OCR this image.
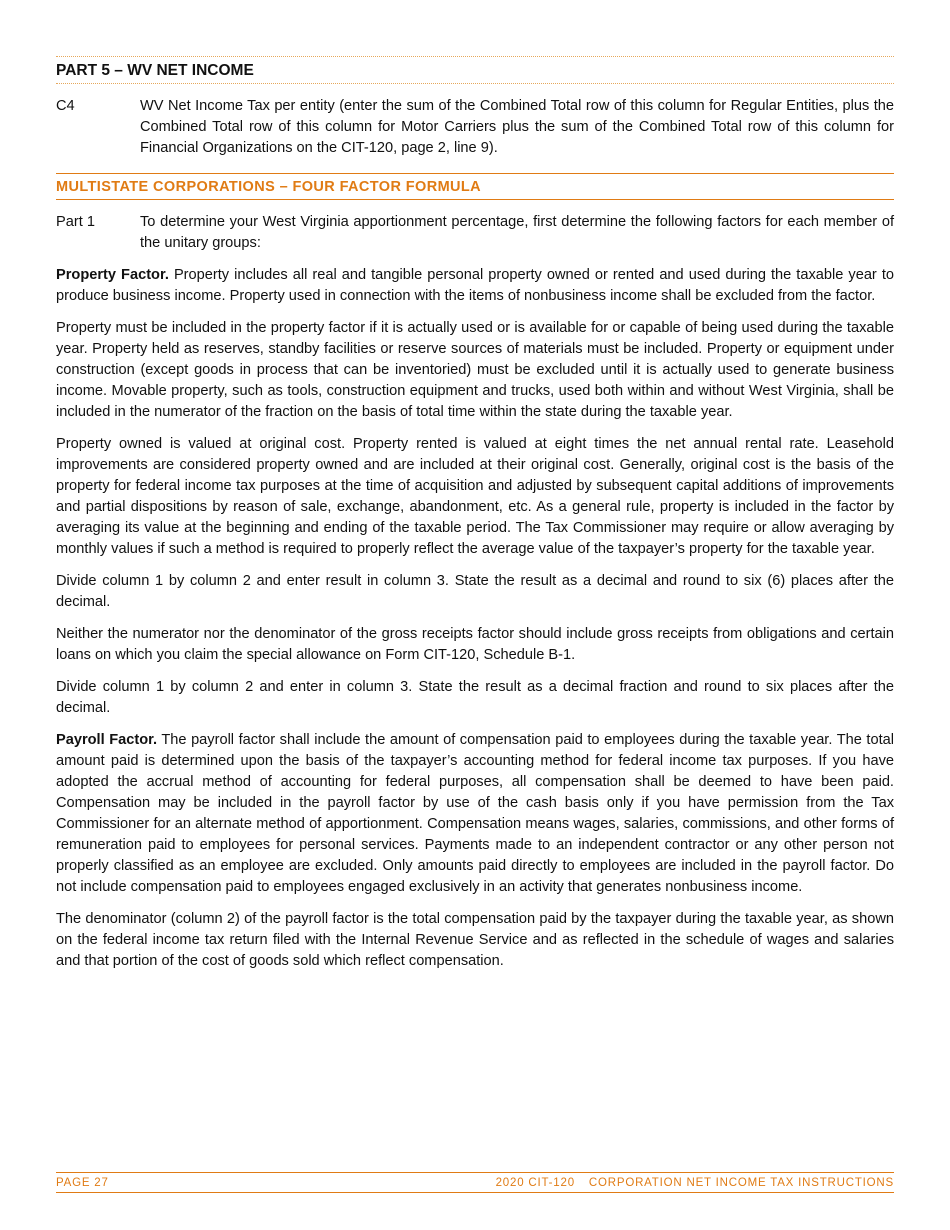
PART 5 – WV NET INCOME
C4	WV Net Income Tax per entity (enter the sum of the Combined Total row of this column for Regular Entities, plus the Combined Total row of this column for Motor Carriers plus the sum of the Combined Total row of this column for Financial Organizations on the CIT-120, page 2, line 9).
MULTISTATE CORPORATIONS – FOUR FACTOR FORMULA
Part 1	To determine your West Virginia apportionment percentage, first determine the following factors for each member of the unitary groups:

Property Factor. Property includes all real and tangible personal property owned or rented and used during the taxable year to produce business income. Property used in connection with the items of nonbusiness income shall be excluded from the factor.

Property must be included in the property factor if it is actually used or is available for or capable of being used during the taxable year. Property held as reserves, standby facilities or reserve sources of materials must be included. Property or equipment under construction (except goods in process that can be inventoried) must be excluded until it is actually used to generate business income. Movable property, such as tools, construction equipment and trucks, used both within and without West Virginia, shall be included in the numerator of the fraction on the basis of total time within the state during the taxable year.

Property owned is valued at original cost. Property rented is valued at eight times the net annual rental rate. Leasehold improvements are considered property owned and are included at their original cost. Generally, original cost is the basis of the property for federal income tax purposes at the time of acquisition and adjusted by subsequent capital additions of improvements and partial dispositions by reason of sale, exchange, abandonment, etc. As a general rule, property is included in the factor by averaging its value at the beginning and ending of the taxable period. The Tax Commissioner may require or allow averaging by monthly values if such a method is required to properly reflect the average value of the taxpayer’s property for the taxable year.

Divide column 1 by column 2 and enter result in column 3. State the result as a decimal and round to six (6) places after the decimal.

Neither the numerator nor the denominator of the gross receipts factor should include gross receipts from obligations and certain loans on which you claim the special allowance on Form CIT-120, Schedule B-1.

Divide column 1 by column 2 and enter in column 3. State the result as a decimal fraction and round to six places after the decimal.

Payroll Factor. The payroll factor shall include the amount of compensation paid to employees during the taxable year. The total amount paid is determined upon the basis of the taxpayer’s accounting method for federal income tax purposes. If you have adopted the accrual method of accounting for federal purposes, all compensation shall be deemed to have been paid. Compensation may be included in the payroll factor by use of the cash basis only if you have permission from the Tax Commissioner for an alternate method of apportionment. Compensation means wages, salaries, commissions, and other forms of remuneration paid to employees for personal services. Payments made to an independent contractor or any other person not properly classified as an employee are excluded. Only amounts paid directly to employees are included in the payroll factor. Do not include compensation paid to employees engaged exclusively in an activity that generates nonbusiness income.

The denominator (column 2) of the payroll factor is the total compensation paid by the taxpayer during the taxable year, as shown on the federal income tax return filed with the Internal Revenue Service and as reflected in the schedule of wages and salaries and that portion of the cost of goods sold which reflect compensation.

PAGE 27	2020 CIT-120 CORPORATION NET INCOME TAX INSTRUCTIONS
